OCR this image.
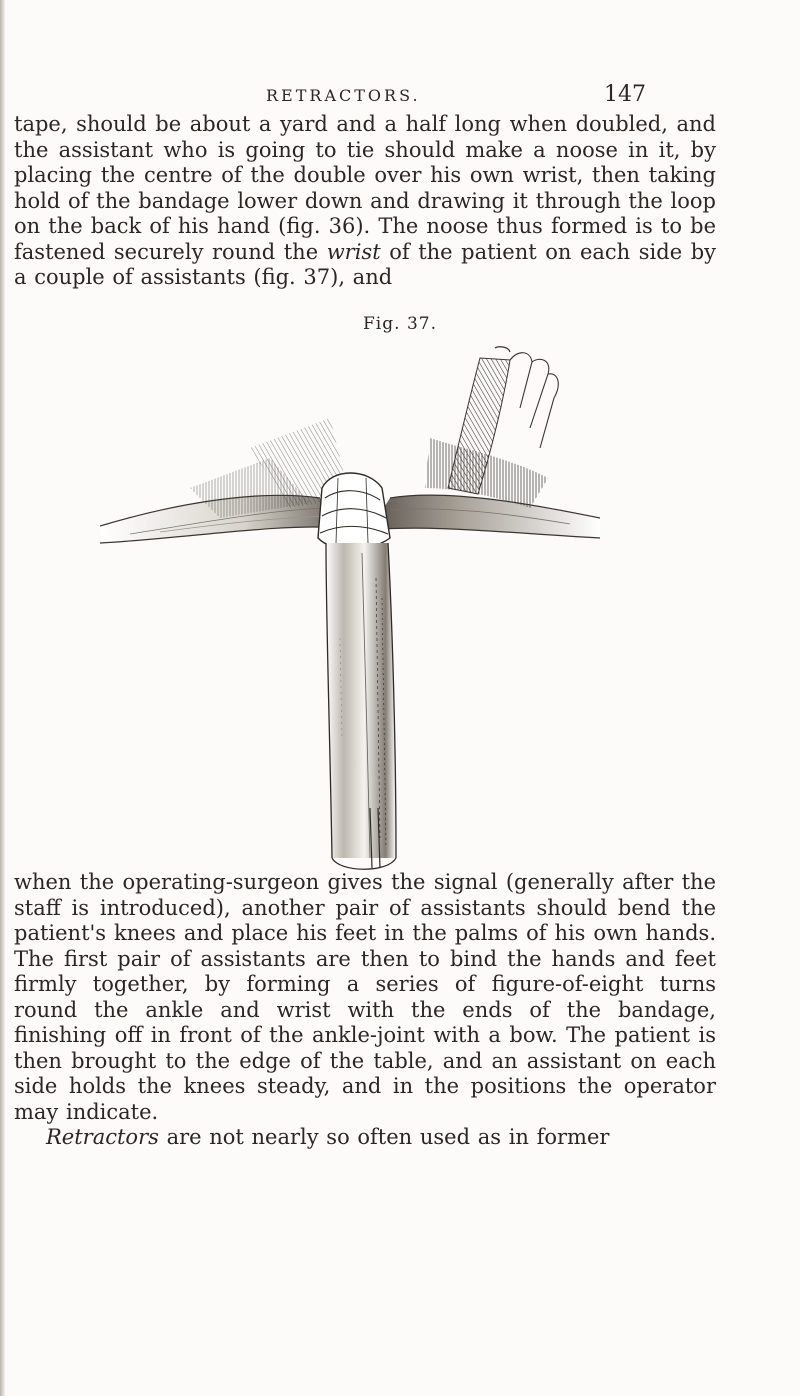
RETRACTORS.	147

tape, should be about a yard and a half long when doubled, and the assistant who is going to tie should make a noose in it, by placing the centre of the double over his own wrist, then taking hold of the bandage lower down and drawing it through the loop on the back of his hand (fig. 36). The noose thus formed is to be fastened securely round the wrist of the patient on each side by a couple of assistants (fig. 37), and

Fig. 37.

when the operating-surgeon gives the signal (generally after the staff is introduced), another pair of assistants should bend the patient's knees and place his feet in the palms of his own hands. The first pair of assistants are then to bind the hands and feet firmly together, by forming a series of figure-of-eight turns round the ankle and wrist with the ends of the bandage, finishing off in front of the ankle-joint with a bow. The patient is then brought to the edge of the table, and an assistant on each side holds the knees steady, and in the positions the operator may indicate.

Retractors are not nearly so often used as in former
